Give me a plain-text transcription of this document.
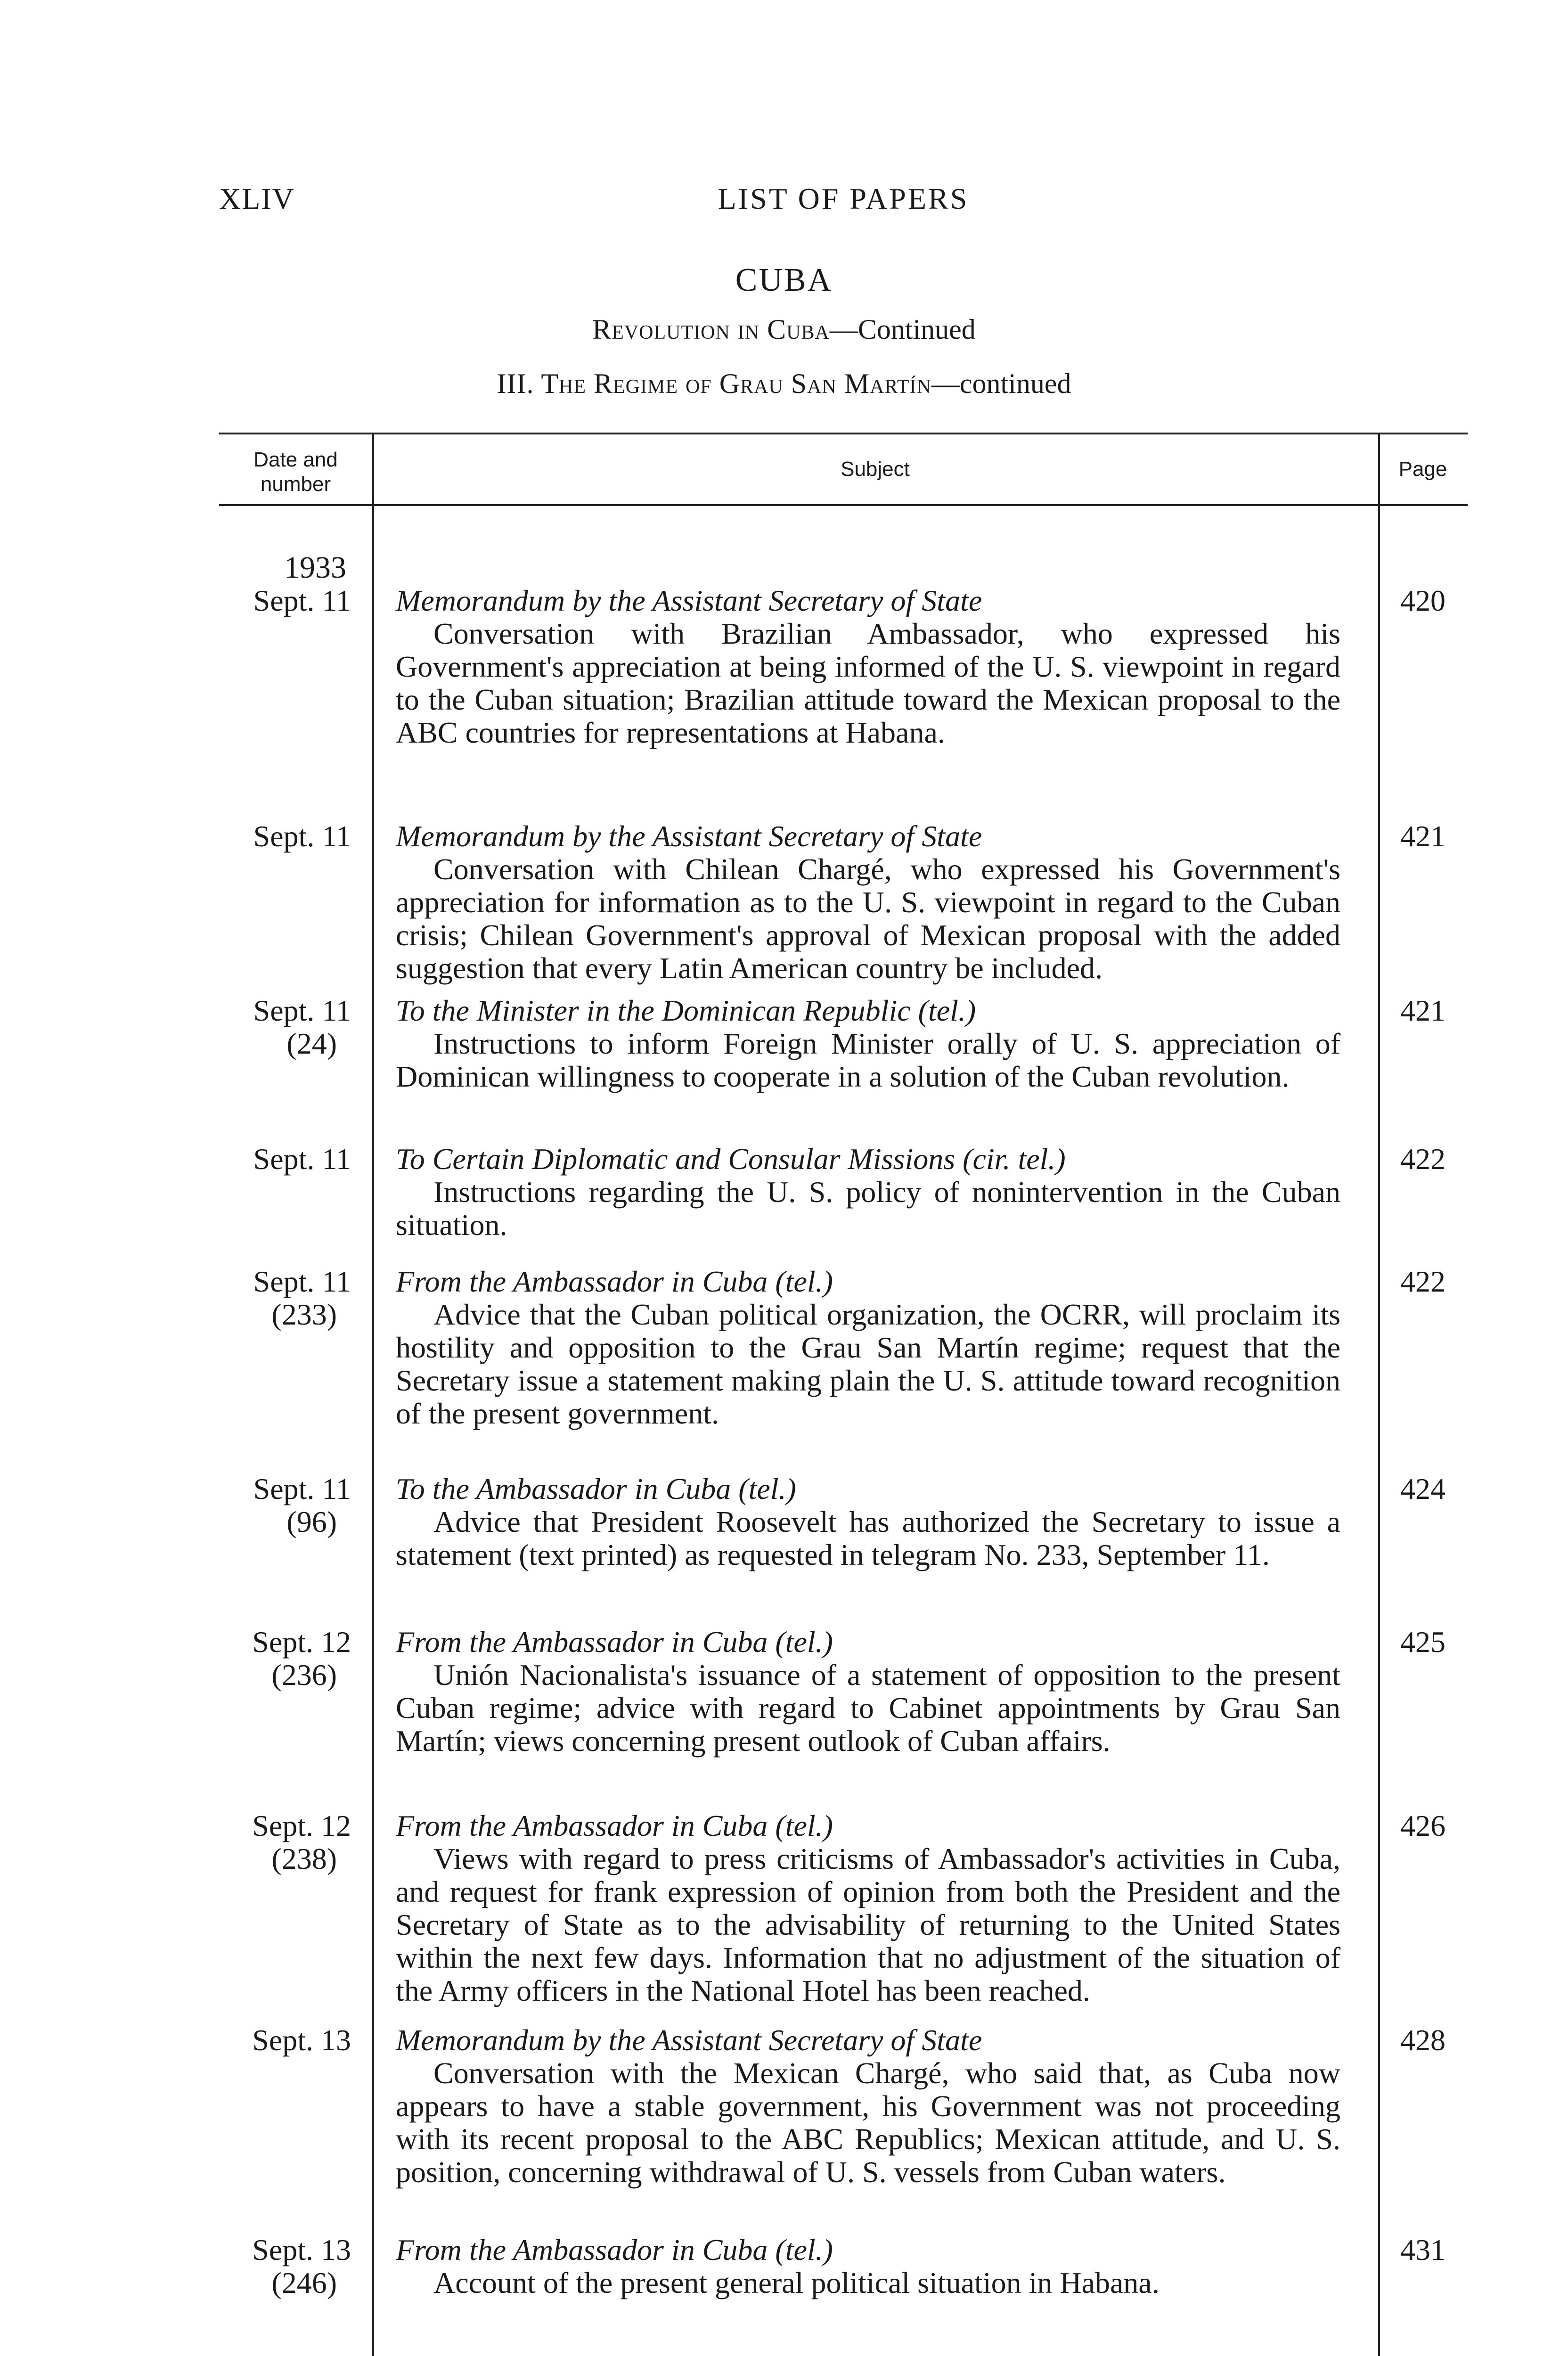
XLIV	LIST OF PAPERS
CUBA
Revolution in Cuba—Continued
III. The Regime of Grau San Martín—continued
Date and
number
Subject	Page
1933
Sept. 11 Memorandum by the Assistant Secretary of State
Conversation with Brazilian Ambassador, who expressed his Government's appreciation at being informed of the U. S. viewpoint in regard to the Cuban situation; Brazilian attitude toward the Mexican proposal to the ABC countries for representations at Habana.
420
Sept. 11 Memorandum by the Assistant Secretary of State
Conversation with Chilean Chargé, who expressed his Government's appreciation for information as to the U. S. viewpoint in regard to the Cuban crisis; Chilean Government's approval of Mexican proposal with the added suggestion that every Latin American country be included.
421
Sept. 11
(24)
To the Minister in the Dominican Republic (tel.)
Instructions to inform Foreign Minister orally of U. S. appreciation of Dominican willingness to cooperate in a solution of the Cuban revolution.
421
Sept. 11 To Certain Diplomatic and Consular Missions (cir. tel.)
Instructions regarding the U. S. policy of nonintervention in the Cuban situation.
422
Sept. 11
(233)
From the Ambassador in Cuba (tel.)
Advice that the Cuban political organization, the OCRR, will proclaim its hostility and opposition to the Grau San Martín regime; request that the Secretary issue a statement making plain the U. S. attitude toward recognition of the present government.
422
Sept. 11
(96)
To the Ambassador in Cuba (tel.)
Advice that President Roosevelt has authorized the Secretary to issue a statement (text printed) as requested in telegram No. 233, September 11.
424
Sept. 12
(236)
From the Ambassador in Cuba (tel.)
Unión Nacionalista's issuance of a statement of opposition to the present Cuban regime; advice with regard to Cabinet appointments by Grau San Martín; views concerning present outlook of Cuban affairs.
425
Sept. 12
(238)
From the Ambassador in Cuba (tel.)
Views with regard to press criticisms of Ambassador's activities in Cuba, and request for frank expression of opinion from both the President and the Secretary of State as to the advisability of returning to the United States within the next few days. Information that no adjustment of the situation of the Army officers in the National Hotel has been reached.
426
Sept. 13 Memorandum by the Assistant Secretary of State
Conversation with the Mexican Chargé, who said that, as Cuba now appears to have a stable government, his Government was not proceeding with its recent proposal to the ABC Republics; Mexican attitude, and U. S. position, concerning withdrawal of U. S. vessels from Cuban waters.
428
Sept. 13
(246)
From the Ambassador in Cuba (tel.)
Account of the present general political situation in Habana.
431
